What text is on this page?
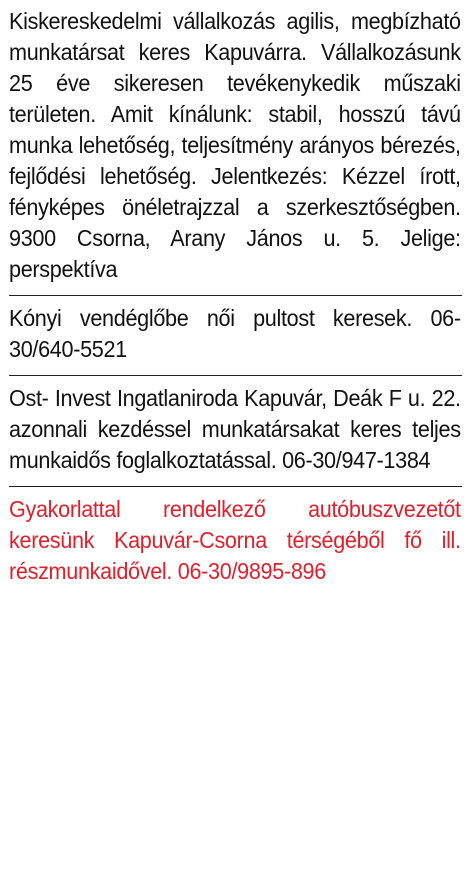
Kiskereskedelmi vállalkozás agilis, megbízható munkatársat keres Kapuvárra. Vállalkozásunk 25 éve sikeresen tevékenykedik műszaki területen. Amit kínálunk: stabil, hosszú távú munka lehetőség, teljesítmény arányos bérezés, fejlődési lehetőség. Jelentkezés: Kézzel írott, fényképes önéletrajzzal a szerkesztőségben. 9300 Csorna, Arany János u. 5. Jelige: perspektíva
Kónyi vendéglőbe női pultost keresek. 06-30/640-5521
Ost- Invest Ingatlaniroda Kapuvár, Deák F u. 22. azonnali kezdéssel munkatársakat keres teljes munkaidős foglalkoztatással. 06-30/947-1384
Gyakorlattal rendelkező autóbuszvezetőt keresünk Kapuvár-Csorna térségéből fő ill. részmunkaidővel. 06-30/9895-896
